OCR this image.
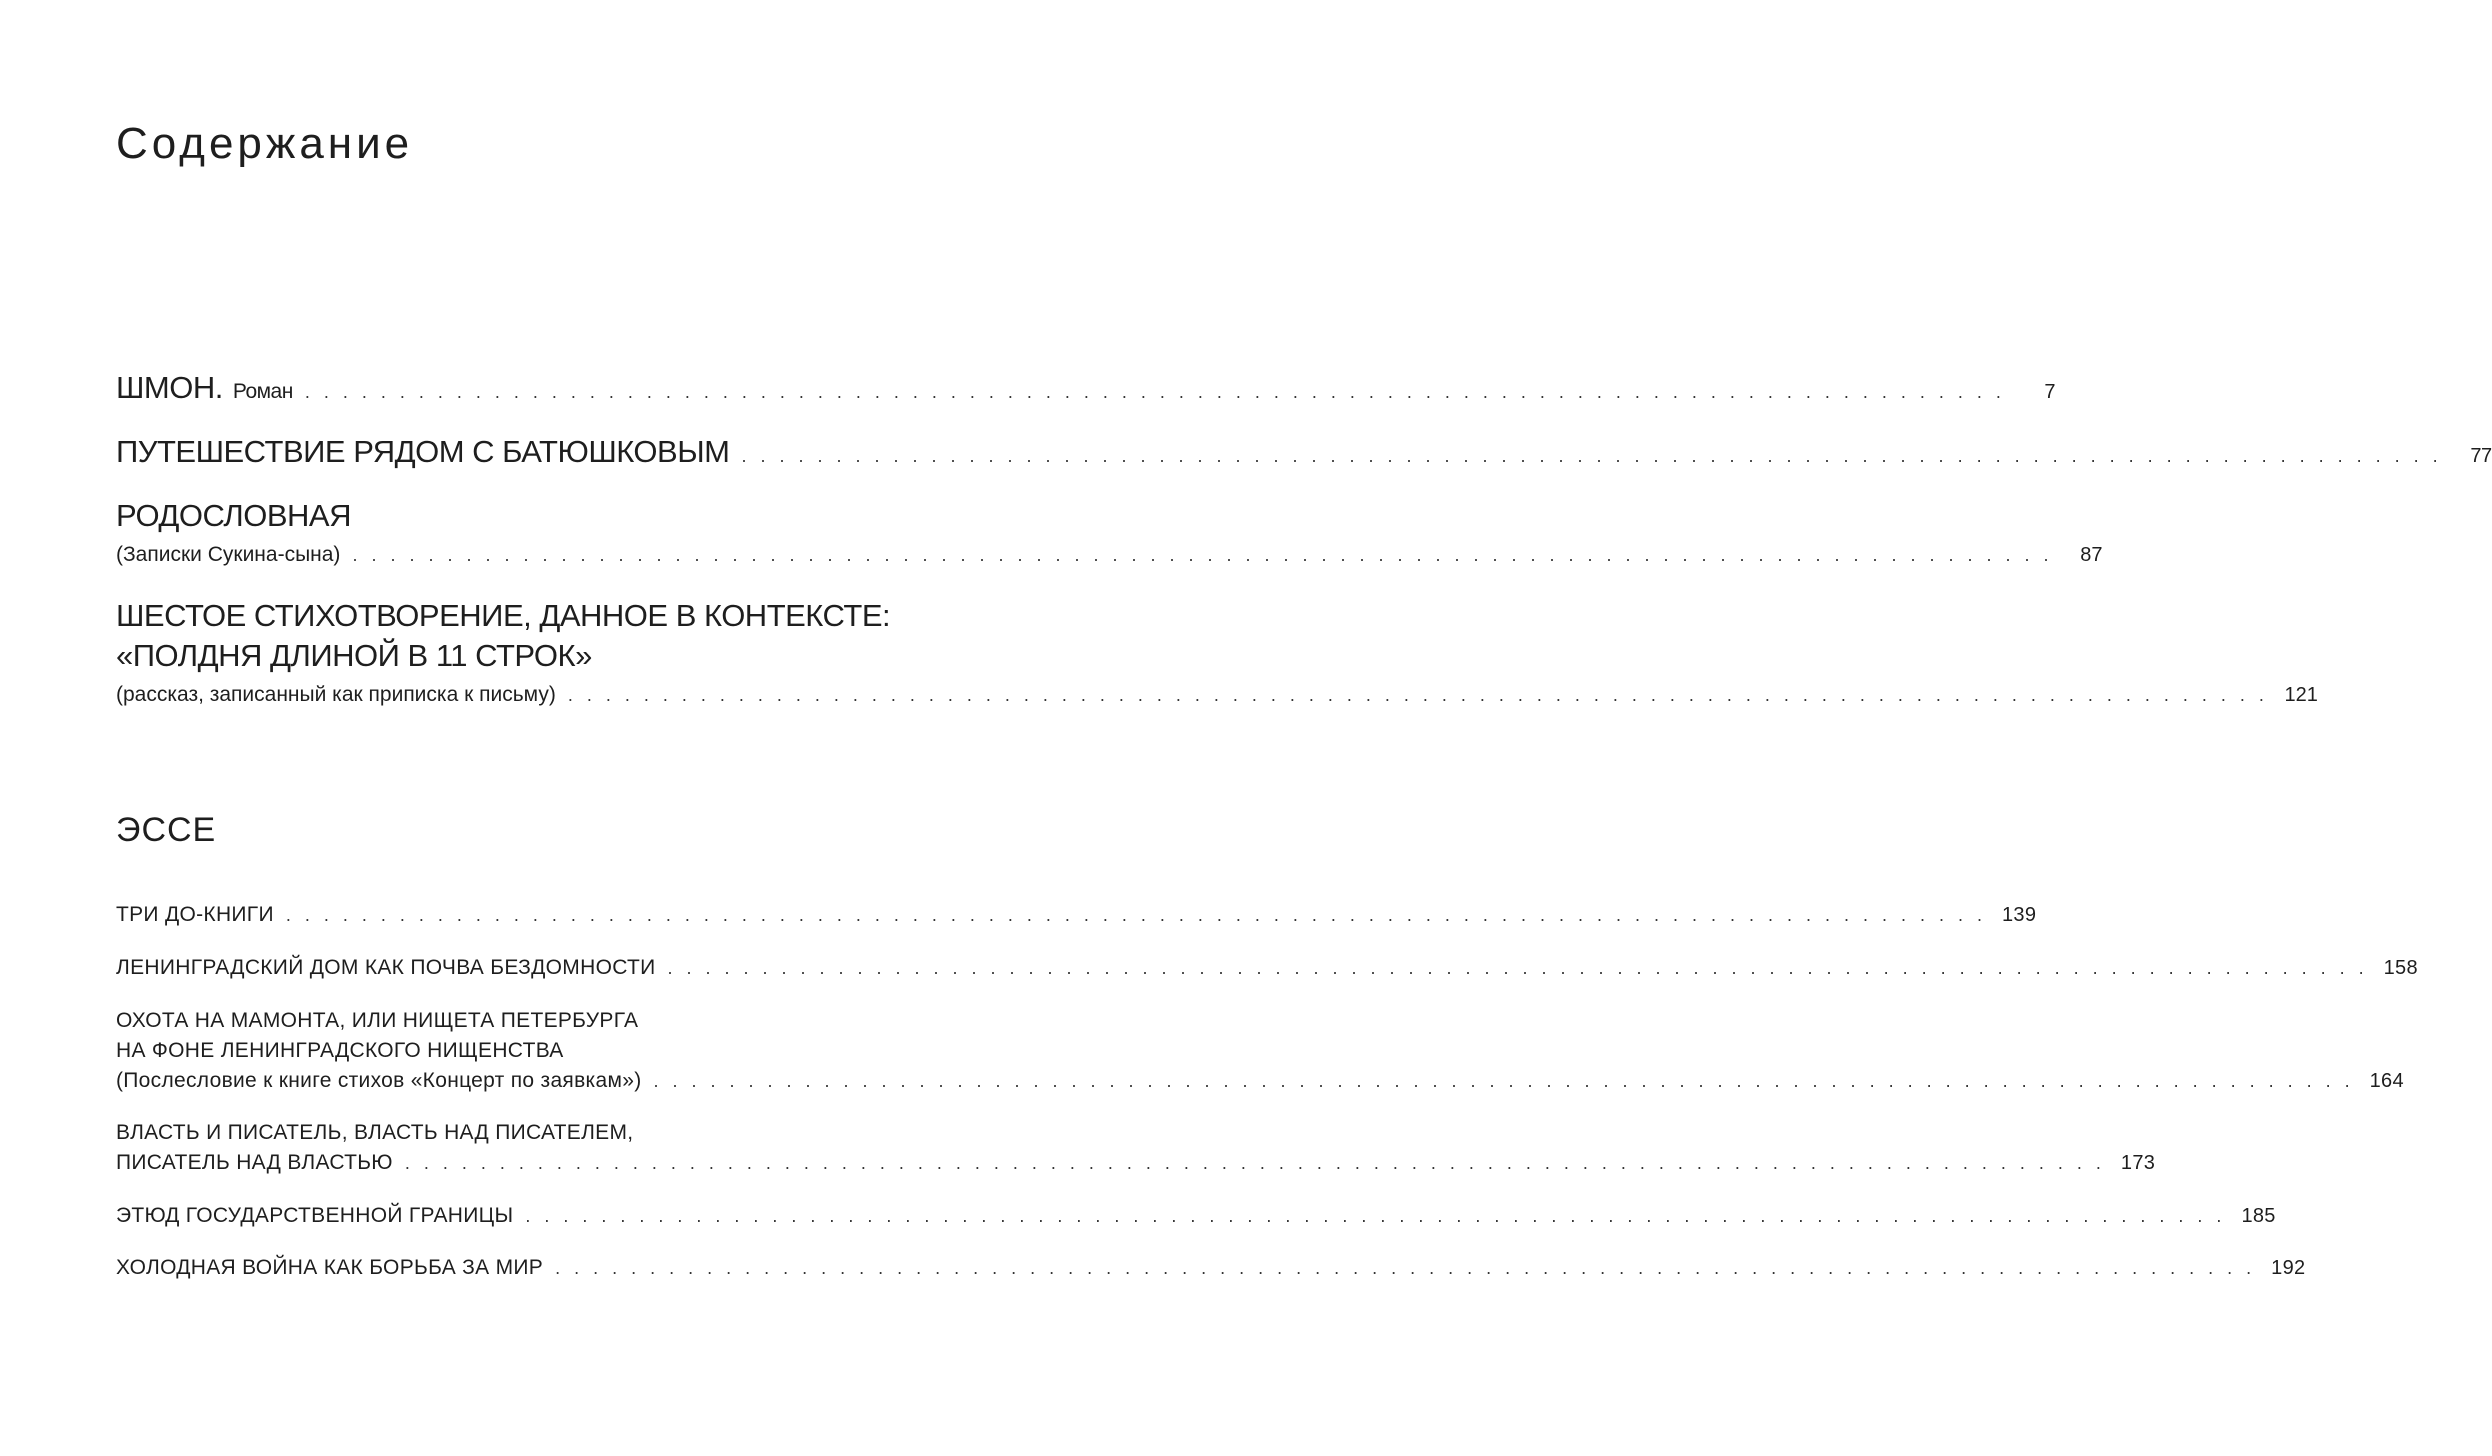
Содержание
ШМОН. Роман ..........................................................................................	7
ПУТЕШЕСТВИЕ РЯДОМ С БАТЮШКОВЫМ .......................................................................................... 77
РОДОСЛОВНАЯ
(Записки Сукина-сына) .......................................................................................... 87
ШЕСТОЕ СТИХОТВОРЕНИЕ, ДАННОЕ В КОНТЕКСТЕ:
«ПОЛДНЯ ДЛИНОЙ В 11 СТРОК»
(рассказ, записанный как приписка к письму) .......................................................................................... 121
ЭССЕ
ТРИ ДО-КНИГИ .......................................................................................... 139
ЛЕНИНГРАДСКИЙ ДОМ КАК ПОЧВА БЕЗДОМНОСТИ .......................................................................................... 158
ОХОТА НА МАМОНТА, ИЛИ НИЩЕТА ПЕТЕРБУРГА
НА ФОНЕ ЛЕНИНГРАДСКОГО НИЩЕНСТВА
(Послесловие к книге стихов «Концерт по заявкам») .......................................................................................... 164
ВЛАСТЬ И ПИСАТЕЛЬ, ВЛАСТЬ НАД ПИСАТЕЛЕМ,
ПИСАТЕЛЬ НАД ВЛАСТЬЮ .......................................................................................... 173
ЭТЮД ГОСУДАРСТВЕННОЙ ГРАНИЦЫ .......................................................................................... 185
ХОЛОДНАЯ ВОЙНА КАК БОРЬБА ЗА МИР .......................................................................................... 192
